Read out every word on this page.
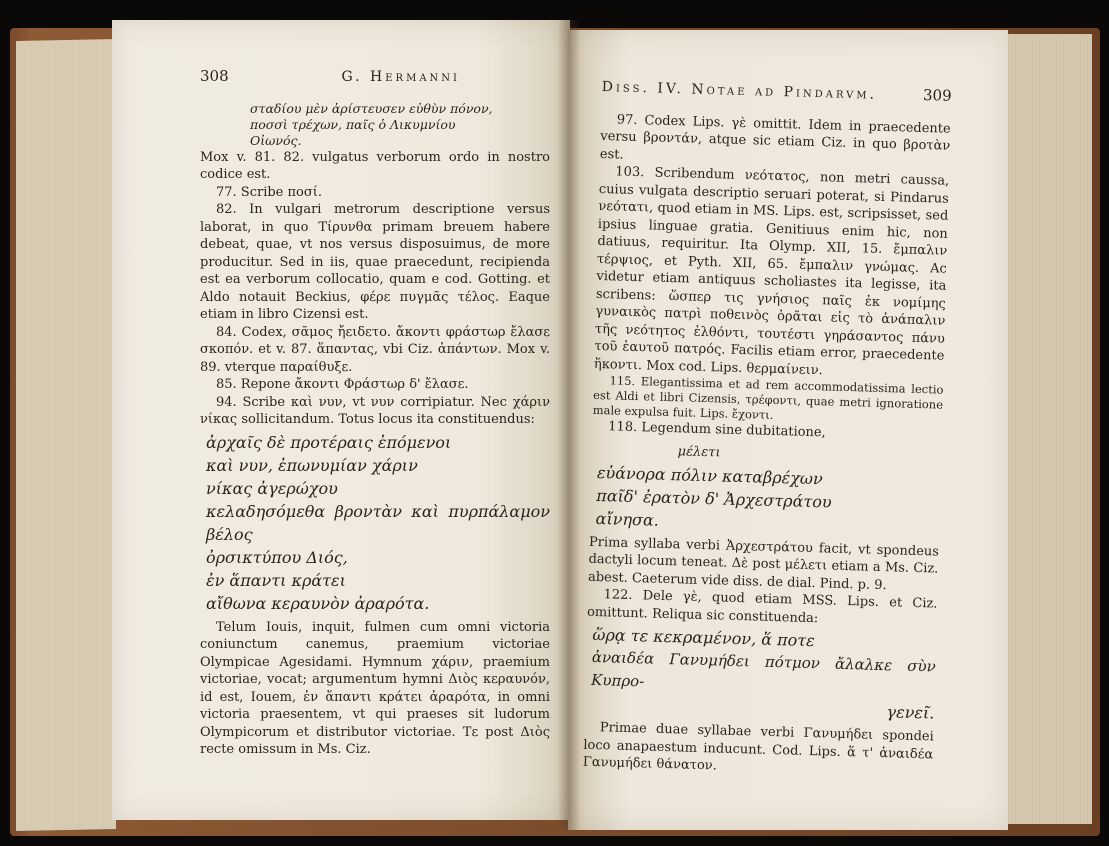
308	G. Hermanni
σταδίου μὲν ἀρίστευσεν εὐθὺν πόνον,
ποσσὶ τρέχων, παῖς ὁ Λικυμνίου
Οἰωνός.

Mox v. 81. 82. vulgatus verborum ordo in nostro codice est.

77. Scribe ποσί.

82. In vulgari metrorum descriptione versus laborat, in quo Τίρυνθα primam breuem habere debeat, quae, vt nos versus disposuimus, de more producitur. Sed in iis, quae praecedunt, recipienda est ea verborum collocatio, quam e cod. Gotting. et Aldo notauit Beckius, φέρε πυγμᾶς τέλος. Eaque etiam in libro Cizensi est.

84. Codex, σᾶμος ἤειδετο. ἄκοντι φράστωρ ἔλασε σκοπόν. et v. 87. ἅπαντας, vbi Ciz. ἀπάντων. Mox v. 89. vterque παραίθυξε.

85. Repone ἄκοντι Φράστωρ δ' ἔλασε.

94. Scribe καὶ νυν, vt νυν corripiatur. Nec χάριν νίκας sollicitandum. Totus locus ita constituendus:

ἀρχαῖς δὲ προτέραις ἑπόμενοι
καὶ νυν, ἐπωνυμίαν χάριν
νίκας ἀγερώχου
κελαδησόμεθα βροντὰν καὶ πυρπάλαμον βέλος
ὀρσικτύπου Διός,
ἐν ἅπαντι κράτει
αἴθωνα κεραυνὸν ἀραρότα.

Telum Iouis, inquit, fulmen cum omni victoria coniunctum canemus, praemium victoriae Olympicae Agesidami. Hymnum χάριν, praemium victoriae, vocat; argumentum hymni Διὸς κεραυνόν, id est, Iouem, ἐν ἅπαντι κράτει ἀραρότα, in omni victoria praesentem, vt qui praeses sit ludorum Olympicorum et distributor victoriae. Τε post Διὸς recte omissum in Ms. Ciz.

Diss. IV. Notae ad Pindarvm.	309

97. Codex Lips. γὲ omittit. Idem in praecedente versu βροντάν, atque sic etiam Ciz. in quo βροτὰν est.

103. Scribendum νεότατος, non metri caussa, cuius vulgata descriptio seruari poterat, si Pindarus νεότατι, quod etiam in MS. Lips. est, scripsisset, sed ipsius linguae gratia. Genitiuus enim hic, non datiuus, requiritur. Ita Olymp. XII, 15. ἔμπαλιν τέρψιος, et Pyth. XII, 65. ἔμπαλιν γνώμας. Ac videtur etiam antiquus scholiastes ita legisse, ita scribens: ὥσπερ τις γνήσιος παῖς ἐκ νομίμης γυναικὸς πατρὶ ποθεινὸς ὁρᾶται εἰς τὸ ἀνάπαλιν τῆς νεότητος ἐλθόντι, τουτέστι γηράσαντος πάνυ τοῦ ἑαυτοῦ πατρός. Facilis etiam error, praecedente ἥκοντι. Mox cod. Lips. θερμαίνειν.

115. Elegantissima et ad rem accommodatissima lectio est Aldi et libri Cizensis, τρέφοντι, quae metri ignoratione male expulsa fuit. Lips. ἔχοντι.

118. Legendum sine dubitatione,

μέλετι
εὐάνορα πόλιν καταβρέχων
παῖδ' ἐρατὸν δ' Ἀρχεστράτου
αἴνησα.

Prima syllaba verbi Ἀρχεστράτου facit, vt spondeus dactyli locum teneat. Δὲ post μέλετι etiam a Ms. Ciz. abest. Caeterum vide diss. de dial. Pind. p. 9.

122. Dele γὲ, quod etiam MSS. Lips. et Ciz. omittunt. Reliqua sic constituenda:

ὥρᾳ τε κεκραμένον, ἅ ποτε
ἀναιδέα Γανυμήδει πότμον ἄλαλκε σὺν Κυπρο-
γενεῖ.

Primae duae syllabae verbi Γανυμήδει spondei loco anapaestum inducunt. Cod. Lips. ἅ τ' ἀναιδέα Γανυμήδει θάνατον.
